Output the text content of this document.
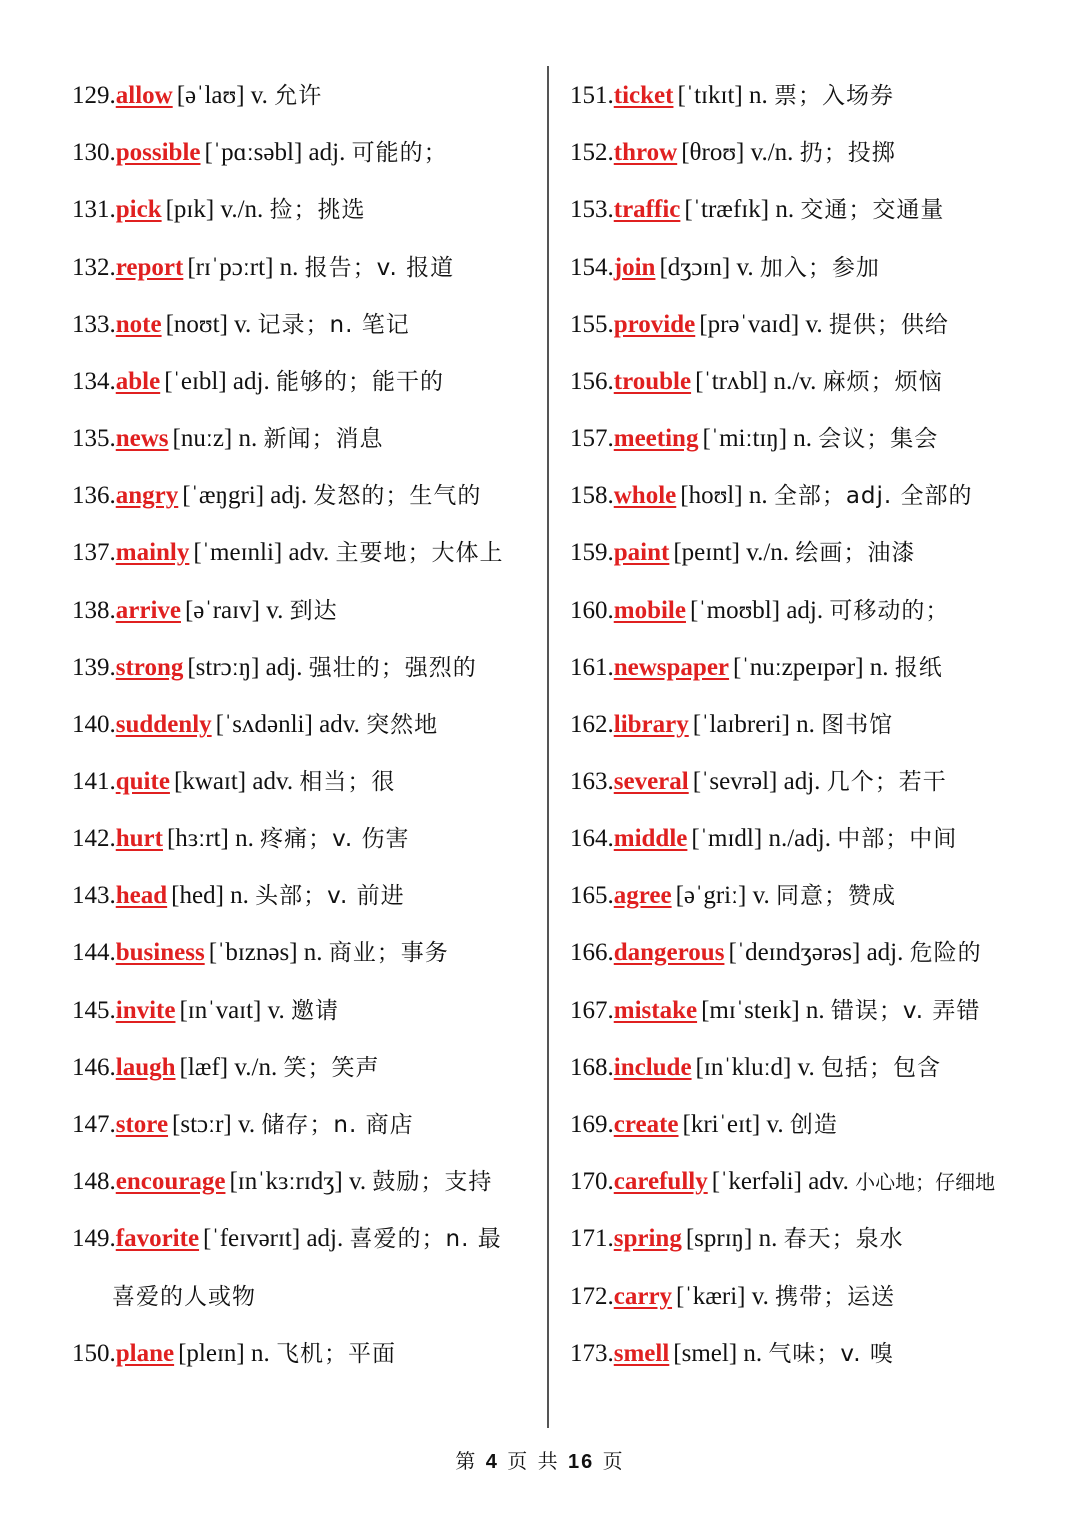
129.allow [əˈlaʊ] v. 允许
130.possible [ˈpɑːsəbl] adj. 可能的；
131.pick [pɪk] v./n. 捡；挑选
132.report [rɪˈpɔːrt] n. 报告；v. 报道
133.note [noʊt] v. 记录；n. 笔记
134.able [ˈeɪbl] adj. 能够的；能干的
135.news [nuːz] n. 新闻；消息
136.angry [ˈæŋgri] adj. 发怒的；生气的
137.mainly [ˈmeɪnli] adv. 主要地；大体上
138.arrive [əˈraɪv] v. 到达
139.strong [strɔːŋ] adj. 强壮的；强烈的
140.suddenly [ˈsʌdənli] adv. 突然地
141.quite [kwaɪt] adv. 相当；很
142.hurt [hɜːrt] n. 疼痛；v. 伤害
143.head [hed] n. 头部；v. 前进
144.business [ˈbɪznəs] n. 商业；事务
145.invite [ɪnˈvaɪt] v. 邀请
146.laugh [læf] v./n. 笑；笑声
147.store [stɔːr] v. 储存；n. 商店
148.encourage [ɪnˈkɜːrɪdʒ] v. 鼓励；支持
149.favorite [ˈfeɪvərɪt] adj. 喜爱的；n. 最
喜爱的人或物
150.plane [pleɪn] n. 飞机；平面
151.ticket [ˈtɪkɪt] n. 票；入场券
152.throw [θroʊ] v./n. 扔；投掷
153.traffic [ˈtræfɪk] n. 交通；交通量
154.join [dʒɔɪn] v. 加入；参加
155.provide [prəˈvaɪd] v. 提供；供给
156.trouble [ˈtrʌbl] n./v. 麻烦；烦恼
157.meeting [ˈmiːtɪŋ] n. 会议；集会
158.whole [hoʊl] n. 全部；adj. 全部的
159.paint [peɪnt] v./n. 绘画；油漆
160.mobile [ˈmoʊbl] adj. 可移动的；
161.newspaper [ˈnuːzpeɪpər] n. 报纸
162.library [ˈlaɪbreri] n. 图书馆
163.several [ˈsevrəl] adj. 几个；若干
164.middle [ˈmɪdl] n./adj. 中部；中间
165.agree [əˈgriː] v. 同意；赞成
166.dangerous [ˈdeɪndʒərəs] adj. 危险的
167.mistake [mɪˈsteɪk] n. 错误；v. 弄错
168.include [ɪnˈkluːd] v. 包括；包含
169.create [kriˈeɪt] v. 创造
170.carefully [ˈkerfəli] adv. 小心地；仔细地
171.spring [sprɪŋ] n. 春天；泉水
172.carry [ˈkæri] v. 携带；运送
173.smell [smel] n. 气味；v. 嗅
第 4 页 共 16 页
